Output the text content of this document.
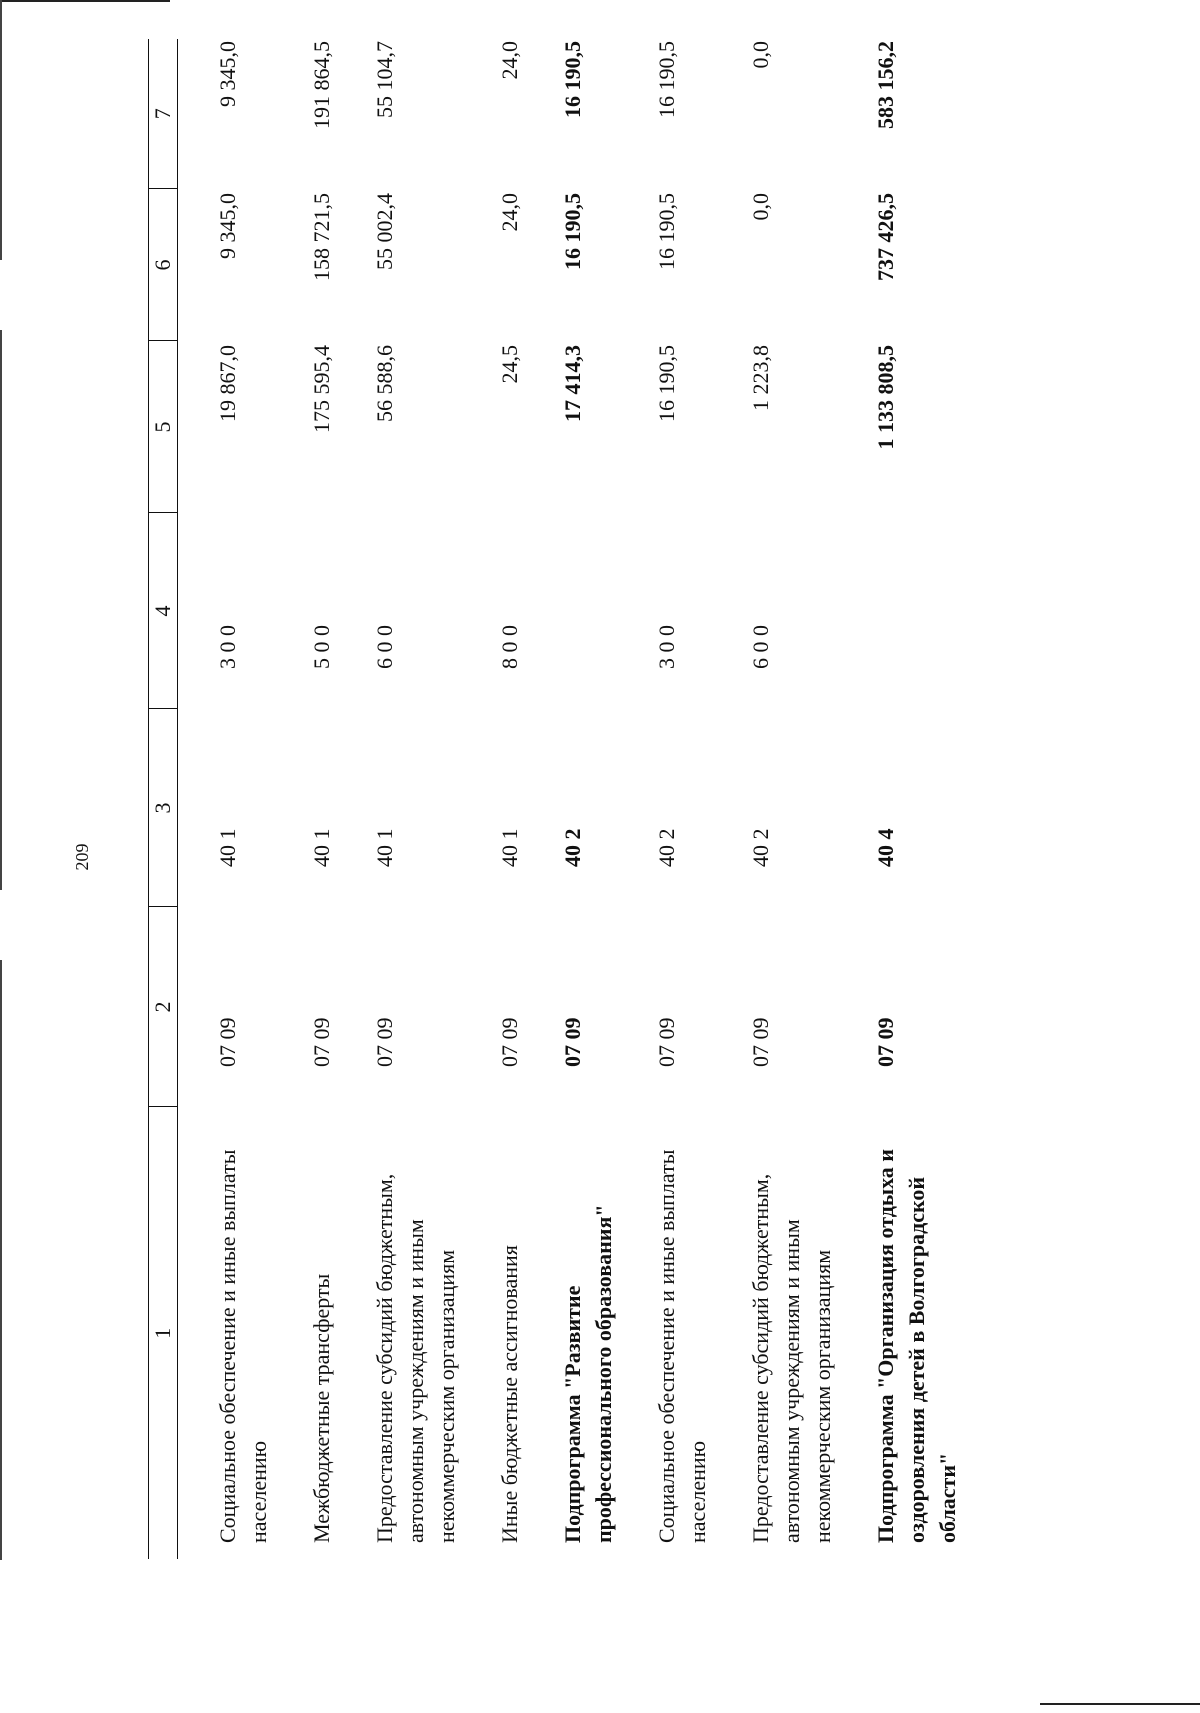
209
1	2	3	4	5	6	7
Социальное обеспечение и иные выплаты населению	07 09	40 1	3 0 0	19 867,0	9 345,0	9 345,0
Межбюджетные трансферты	07 09	40 1	5 0 0	175 595,4	158 721,5	191 864,5
Предоставление субсидий бюджетным, автономным учреждениям и иным некоммерческим организациям	07 09	40 1	6 0 0	56 588,6	55 002,4	55 104,7
Иные бюджетные ассигнования	07 09	40 1	8 0 0	24,5	24,0	24,0
Подпрограмма "Развитие профессионального образования"	07 09	40 2		17 414,3	16 190,5	16 190,5
Социальное обеспечение и иные выплаты населению	07 09	40 2	3 0 0	16 190,5	16 190,5	16 190,5
Предоставление субсидий бюджетным, автономным учреждениям и иным некоммерческим организациям	07 09	40 2	6 0 0	1 223,8	0,0	0,0
Подпрограмма "Организация отдыха и оздоровления детей в Волгоградской области"	07 09	40 4		1 133 808,5	737 426,5	583 156,2
